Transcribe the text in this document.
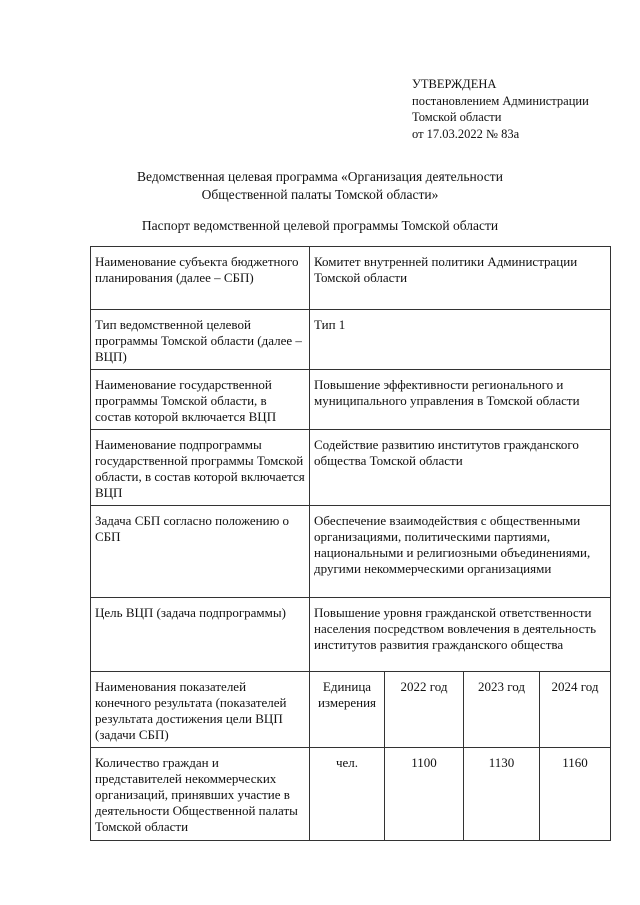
УТВЕРЖДЕНА
постановлением Администрации
Томской области
от 17.03.2022 № 83а
Ведомственная целевая программа «Организация деятельности
Общественной палаты Томской области»
Паспорт ведомственной целевой программы Томской области
Наименование субъекта бюджетного планирования (далее – СБП)	Комитет внутренней политики Администрации Томской области			
Тип ведомственной целевой программы Томской области (далее – ВЦП)	Тип 1			
Наименование государственной программы Томской области, в состав которой включается ВЦП	Повышение эффективности регионального и муниципального управления в Томской области			
Наименование подпрограммы государственной программы Томской области, в состав которой включается ВЦП	Содействие развитию институтов гражданского общества Томской области			
Задача СБП согласно положению о СБП	Обеспечение взаимодействия с общественными организациями, политическими партиями, национальными и религиозными объединениями, другими некоммерческими организациями			
Цель ВЦП (задача подпрограммы)	Повышение уровня гражданской ответственности населения посредством вовлечения в деятельность институтов развития гражданского общества			
Наименования показателей конечного результата (показателей результата достижения цели ВЦП (задачи СБП)	Единица измерения	2022 год	2023 год	2024 год
Количество граждан и представителей некоммерческих организаций, принявших участие в деятельности Общественной палаты Томской области	чел.	1100	1130	1160
